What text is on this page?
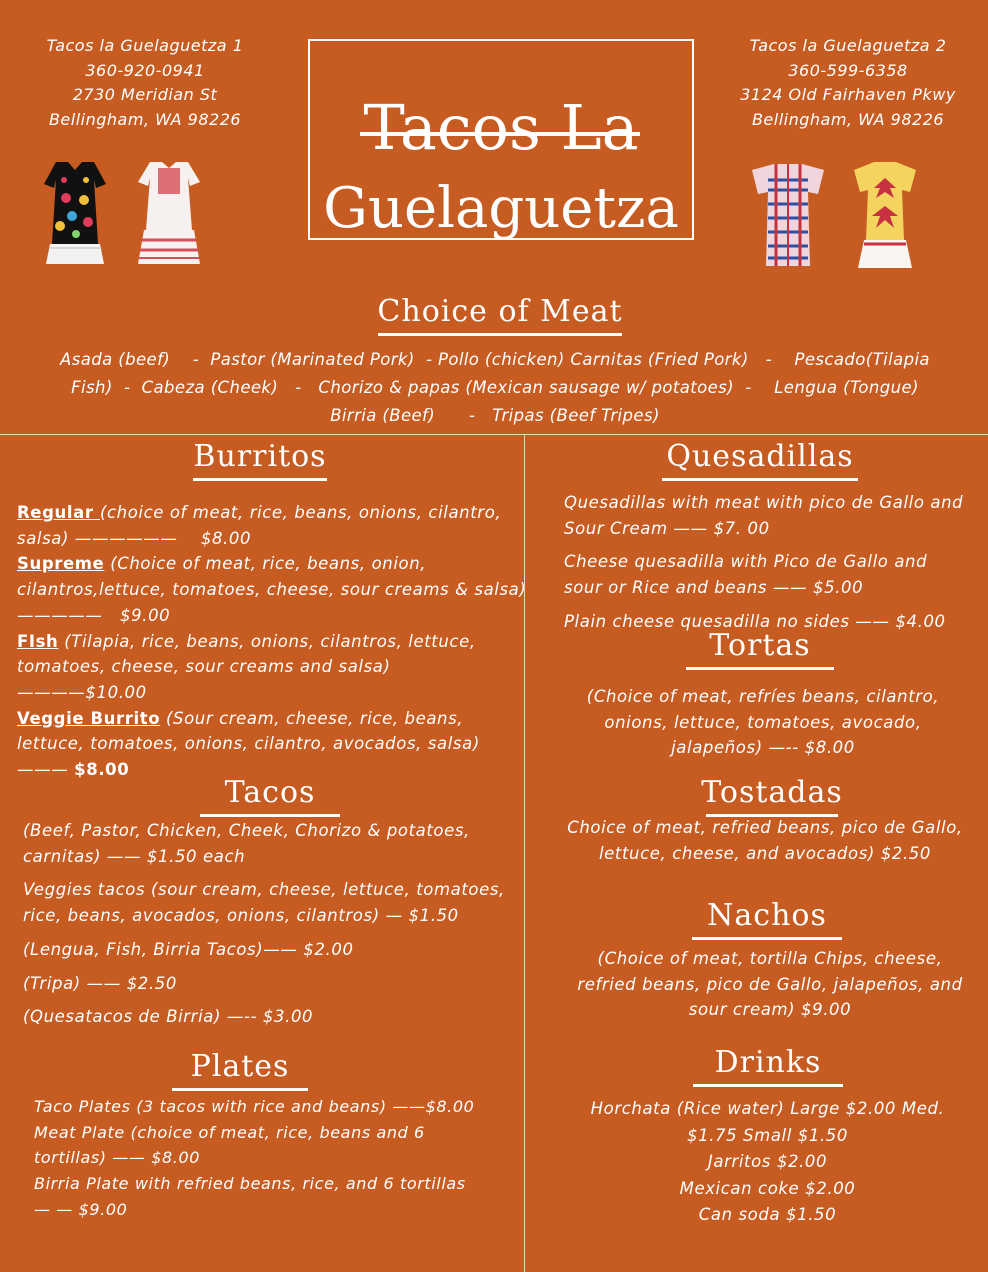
Tacos la Guelaguetza 1
360-920-0941
2730 Meridian St
Bellingham, WA 98226
Tacos la Guelaguetza 2
360-599-6358
3124 Old Fairhaven Pkwy
Bellingham, WA 98226
Tacos La
Guelaguetza
Choice of Meat
Asada (beef)    -  Pastor (Marinated Pork)  - Pollo (chicken) Carnitas (Fried Pork)   -    Pescado(Tilapia
Fish)  -  Cabeza (Cheek)   -   Chorizo & papas (Mexican sausage w/ potatoes)  -    Lengua (Tongue)
Birria (Beef)      -   Tripas (Beef Tripes)
Burritos

Regular (choice of meat, rice, beans, onions, cilantro,

salsa) ——————    $8.00

Supreme (Choice of meat, rice, beans, onion,

cilantros,lettuce, tomatoes, cheese, sour creams & salsa)

—————   $9.00

FIsh (Tilapia, rice, beans, onions, cilantros, lettuce,

tomatoes, cheese, sour creams and salsa)

————$10.00

Veggie Burrito (Sour cream, cheese, rice, beans,

lettuce, tomatoes, onions, cilantro, avocados, salsa)

——— $8.00

Tacos

(Beef, Pastor, Chicken, Cheek, Chorizo & potatoes, carnitas) —— $1.50 each

Veggies tacos (sour cream, cheese, lettuce, tomatoes, rice, beans, avocados, onions, cilantros) — $1.50

(Lengua, Fish, Birria Tacos)—— $2.00

(Tripa) —— $2.50

(Quesatacos de Birria) —-- $3.00

Plates

Taco Plates (3 tacos with rice and beans) ——$8.00

Meat Plate (choice of meat, rice, beans and 6

tortillas) —— $8.00

Birria Plate with refried beans, rice, and 6 tortillas

— — $9.00

Quesadillas

Quesadillas with meat with pico de Gallo and Sour Cream —— $7. 00

Cheese quesadilla with Pico de Gallo and sour or Rice and beans —— $5.00

Plain cheese quesadilla no sides —— $4.00

Tortas

(Choice of meat, refríes beans, cilantro,

onions, lettuce, tomatoes, avocado,

jalapeños) —-- $8.00

Tostadas

Choice of meat, refried beans, pico de Gallo,

lettuce, cheese, and avocados) $2.50

Nachos

(Choice of meat, tortilla Chips, cheese,

refried beans, pico de Gallo, jalapeños, and

sour cream) $9.00

Drinks

Horchata (Rice water) Large $2.00 Med.

$1.75 Small $1.50

Jarritos $2.00

Mexican coke $2.00

Can soda $1.50
